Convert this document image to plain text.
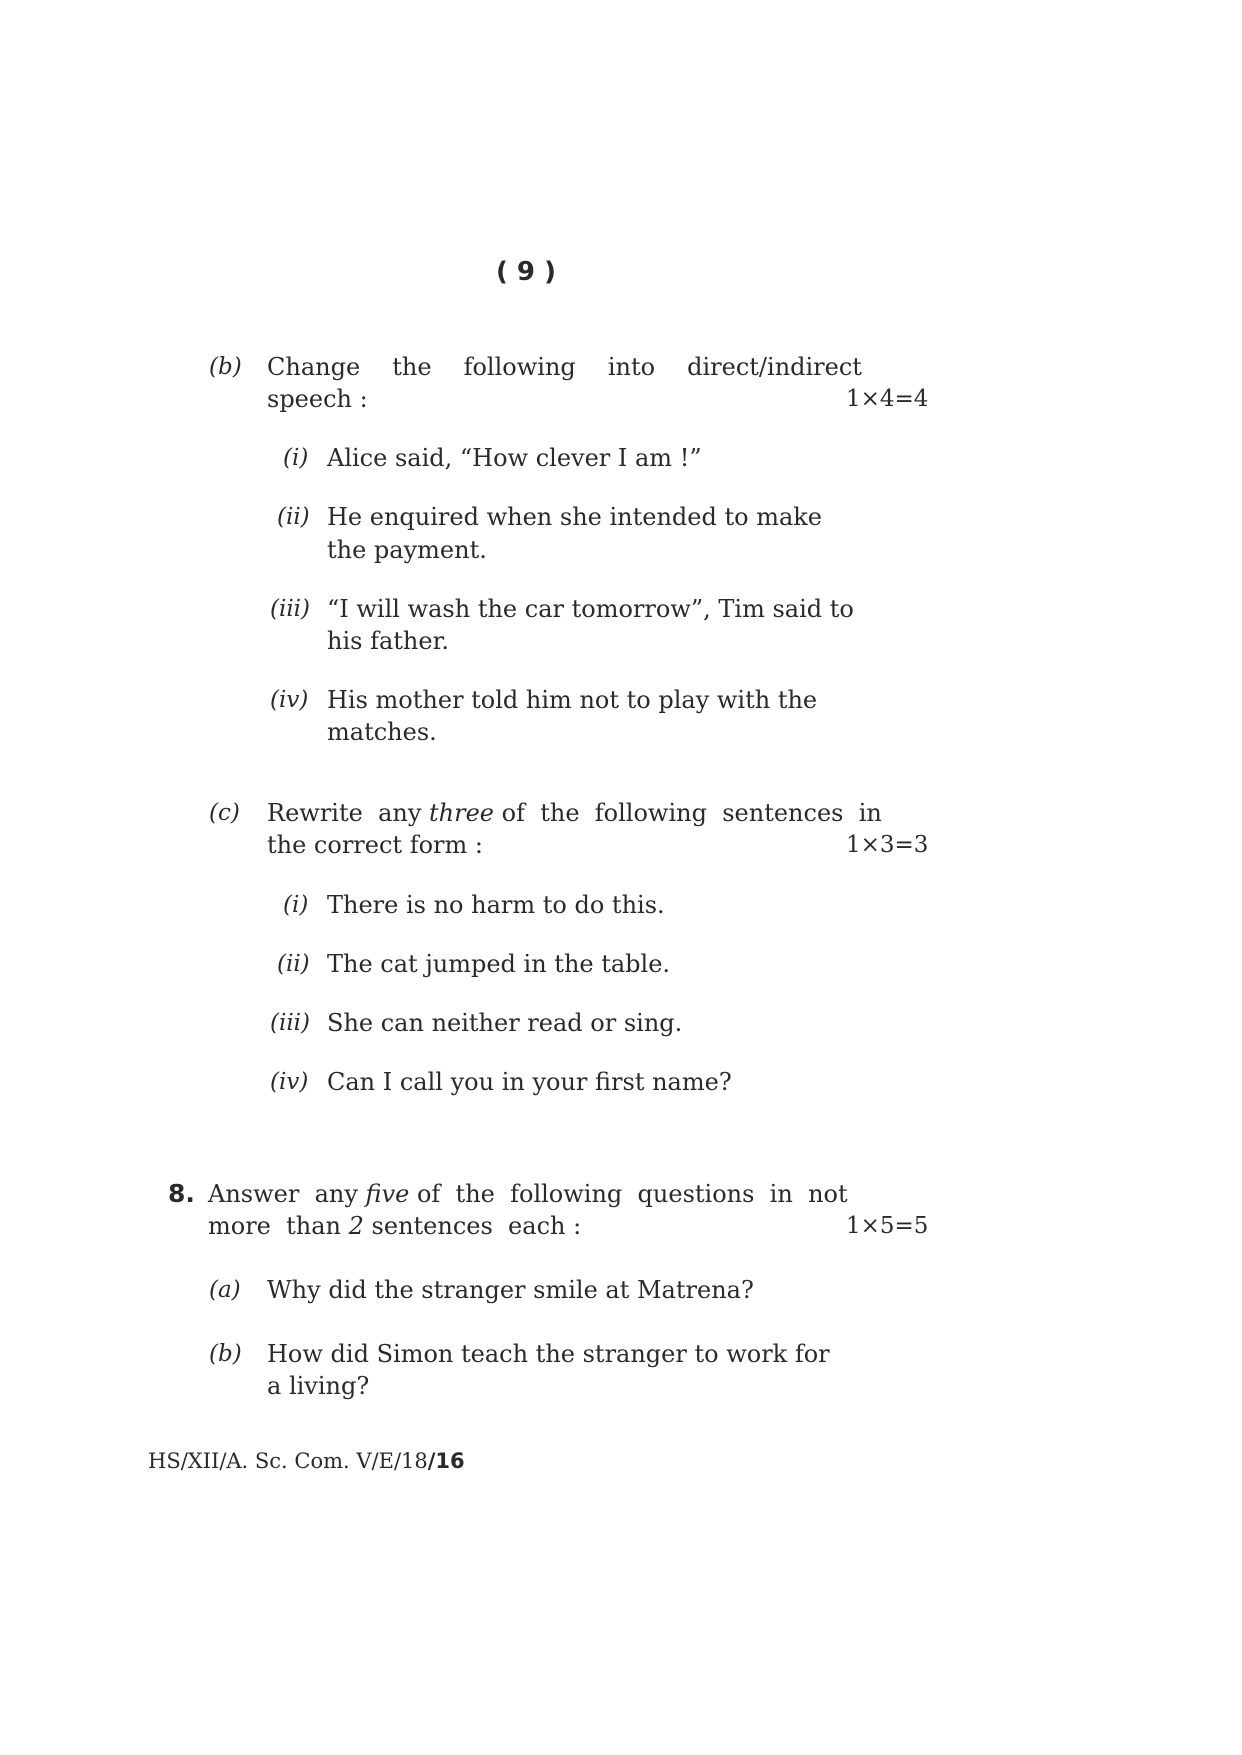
( 9 )
(b) Change the following into direct/indirect
speech :	1×4=4
(i) Alice said, “How clever I am !”
(ii) He enquired when she intended to make
the payment.
(iii) “I will wash the car tomorrow”, Tim said to
his father.
(iv) His mother told him not to play with the
matches.
(c) Rewrite  any three of  the  following  sentences  in
the correct form :	1×3=3
(i) There is no harm to do this.
(ii) The cat jumped in the table.
(iii) She can neither read or sing.
(iv) Can I call you in your first name?
8. Answer  any five of  the  following  questions  in  not
more  than 2 sentences  each :	1×5=5
(a) Why did the stranger smile at Matrena?
(b) How did Simon teach the stranger to work for
a living?
HS/XII/A. Sc. Com. V/E/18/16
